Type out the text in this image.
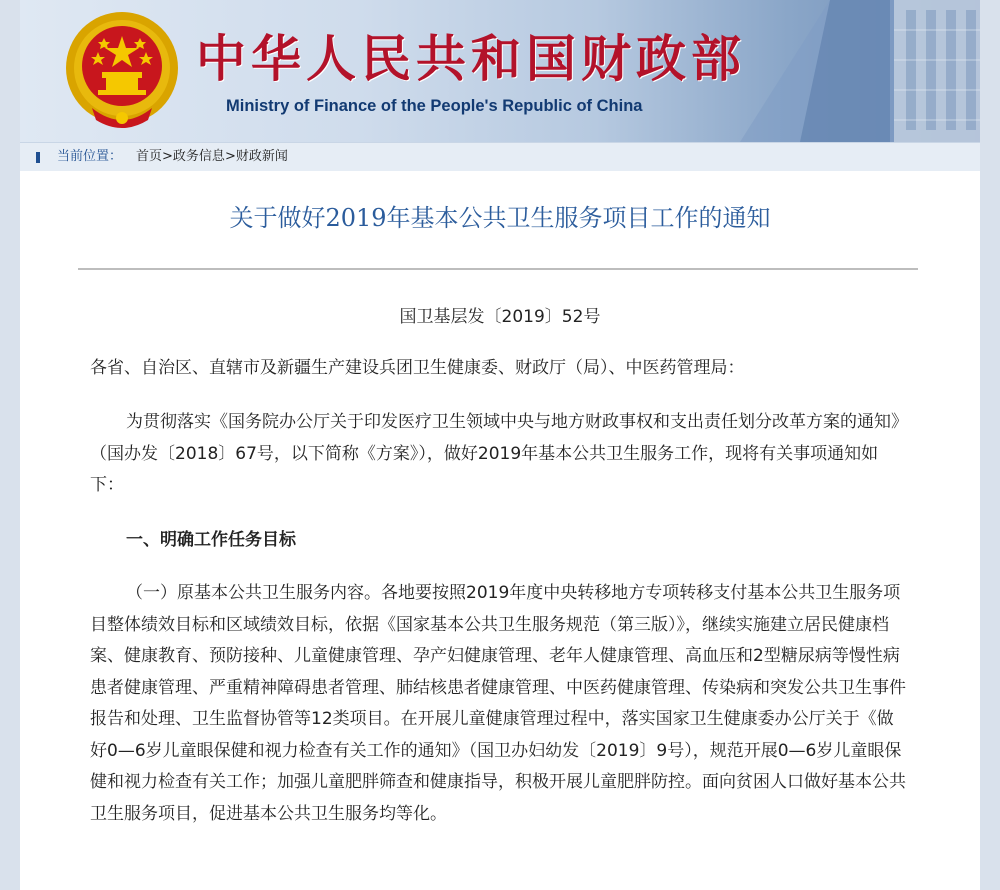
中华人民共和国财政部
Ministry of Finance of the People's Republic of China
当前位置： 首页>政务信息>财政新闻
关于做好2019年基本公共卫生服务项目工作的通知

国卫基层发〔2019〕52号

各省、自治区、直辖市及新疆生产建设兵团卫生健康委、财政厅（局）、中医药管理局：

为贯彻落实《国务院办公厅关于印发医疗卫生领域中央与地方财政事权和支出责任划分改革方案的通知》（国办发〔2018〕67号，以下简称《方案》），做好2019年基本公共卫生服务工作，现将有关事项通知如下：

一、明确工作任务目标

（一）原基本公共卫生服务内容。各地要按照2019年度中央转移地方专项转移支付基本公共卫生服务项目整体绩效目标和区域绩效目标，依据《国家基本公共卫生服务规范（第三版）》，继续实施建立居民健康档案、健康教育、预防接种、儿童健康管理、孕产妇健康管理、老年人健康管理、高血压和2型糖尿病等慢性病患者健康管理、严重精神障碍患者管理、肺结核患者健康管理、中医药健康管理、传染病和突发公共卫生事件报告和处理、卫生监督协管等12类项目。在开展儿童健康管理过程中，落实国家卫生健康委办公厅关于《做好0—6岁儿童眼保健和视力检查有关工作的通知》（国卫办妇幼发〔2019〕9号），规范开展0—6岁儿童眼保健和视力检查有关工作；加强儿童肥胖筛查和健康指导，积极开展儿童肥胖防控。面向贫困人口做好基本公共卫生服务项目，促进基本公共卫生服务均等化。
